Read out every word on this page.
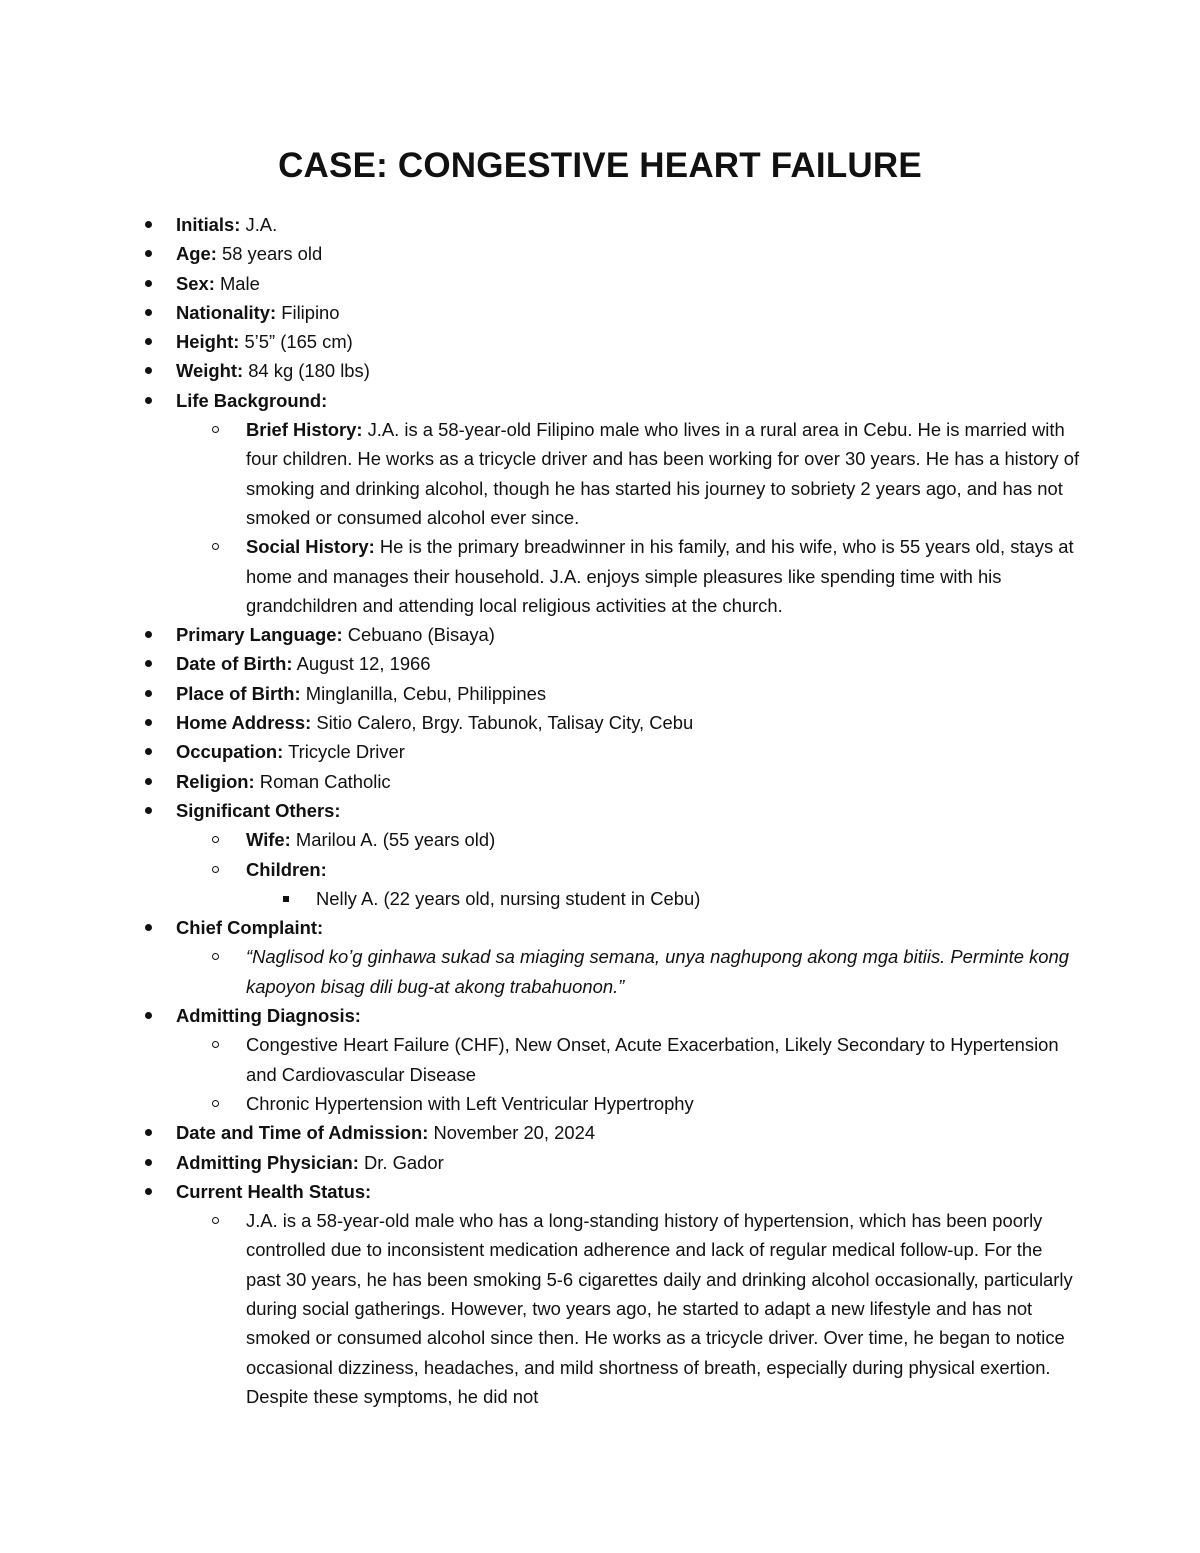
CASE: CONGESTIVE HEART FAILURE
Initials: J.A.
Age: 58 years old
Sex: Male
Nationality: Filipino
Height: 5’5” (165 cm)
Weight: 84 kg (180 lbs)
Life Background:
Brief History: J.A. is a 58-year-old Filipino male who lives in a rural area in Cebu. He is married with four children. He works as a tricycle driver and has been working for over 30 years. He has a history of smoking and drinking alcohol, though he has started his journey to sobriety 2 years ago, and has not smoked or consumed alcohol ever since.
Social History: He is the primary breadwinner in his family, and his wife, who is 55 years old, stays at home and manages their household. J.A. enjoys simple pleasures like spending time with his grandchildren and attending local religious activities at the church.
Primary Language: Cebuano (Bisaya)
Date of Birth: August 12, 1966
Place of Birth: Minglanilla, Cebu, Philippines
Home Address: Sitio Calero, Brgy. Tabunok, Talisay City, Cebu
Occupation: Tricycle Driver
Religion: Roman Catholic
Significant Others:
Wife: Marilou A. (55 years old)
Children:
Nelly A. (22 years old, nursing student in Cebu)
Chief Complaint:
“Naglisod ko’g ginhawa sukad sa miaging semana, unya naghupong akong mga bitiis. Perminte kong kapoyon bisag dili bug-at akong trabahuonon.”
Admitting Diagnosis:
Congestive Heart Failure (CHF), New Onset, Acute Exacerbation, Likely Secondary to Hypertension and Cardiovascular Disease
Chronic Hypertension with Left Ventricular Hypertrophy
Date and Time of Admission: November 20, 2024
Admitting Physician: Dr. Gador
Current Health Status:
J.A. is a 58-year-old male who has a long-standing history of hypertension, which has been poorly controlled due to inconsistent medication adherence and lack of regular medical follow-up. For the past 30 years, he has been smoking 5-6 cigarettes daily and drinking alcohol occasionally, particularly during social gatherings. However, two years ago, he started to adapt a new lifestyle and has not smoked or consumed alcohol since then. He works as a tricycle driver. Over time, he began to notice occasional dizziness, headaches, and mild shortness of breath, especially during physical exertion. Despite these symptoms, he did not
